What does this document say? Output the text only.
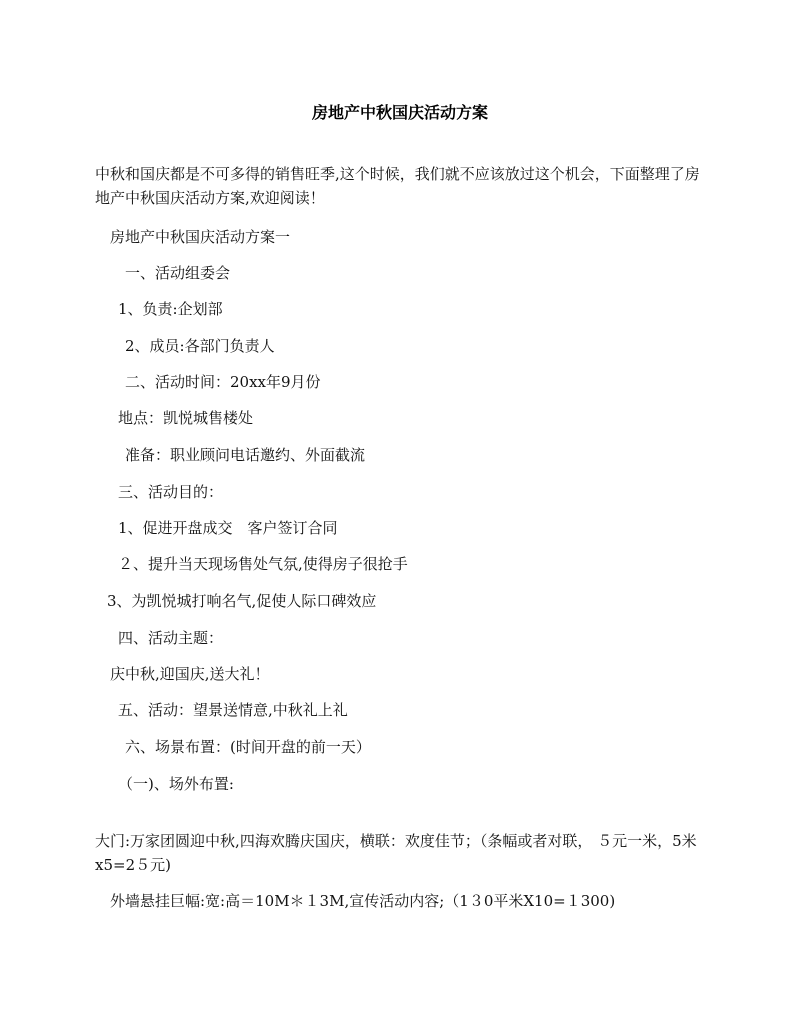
房地产中秋国庆活动方案
中秋和国庆都是不可多得的销售旺季,这个时候，我们就不应该放过这个机会，下面整理了房地产中秋国庆活动方案,欢迎阅读！
房地产中秋国庆活动方案一
一、活动组委会
1、负责:企划部
2、成员:各部门负责人
二、活动时间：20xx年9月份
地点：凯悦城售楼处
准备：职业顾问电话邀约、外面截流
三、活动目的：
1、促进开盘成交　客户签订合同
２、提升当天现场售处气氛,使得房子很抢手
3、为凯悦城打响名气,促使人际口碑效应
四、活动主题：
庆中秋,迎国庆,送大礼！
五、活动：望景送情意,中秋礼上礼
六、场景布置：(时间开盘的前一天）
（一)、场外布置:
大门:万家团圆迎中秋,四海欢腾庆国庆，横联：欢度佳节；（条幅或者对联， ５元一米，5米x5=2５元)
外墙悬挂巨幅:宽:高＝10M＊１3M,宣传活动内容;（1３0平米X10=１300)
